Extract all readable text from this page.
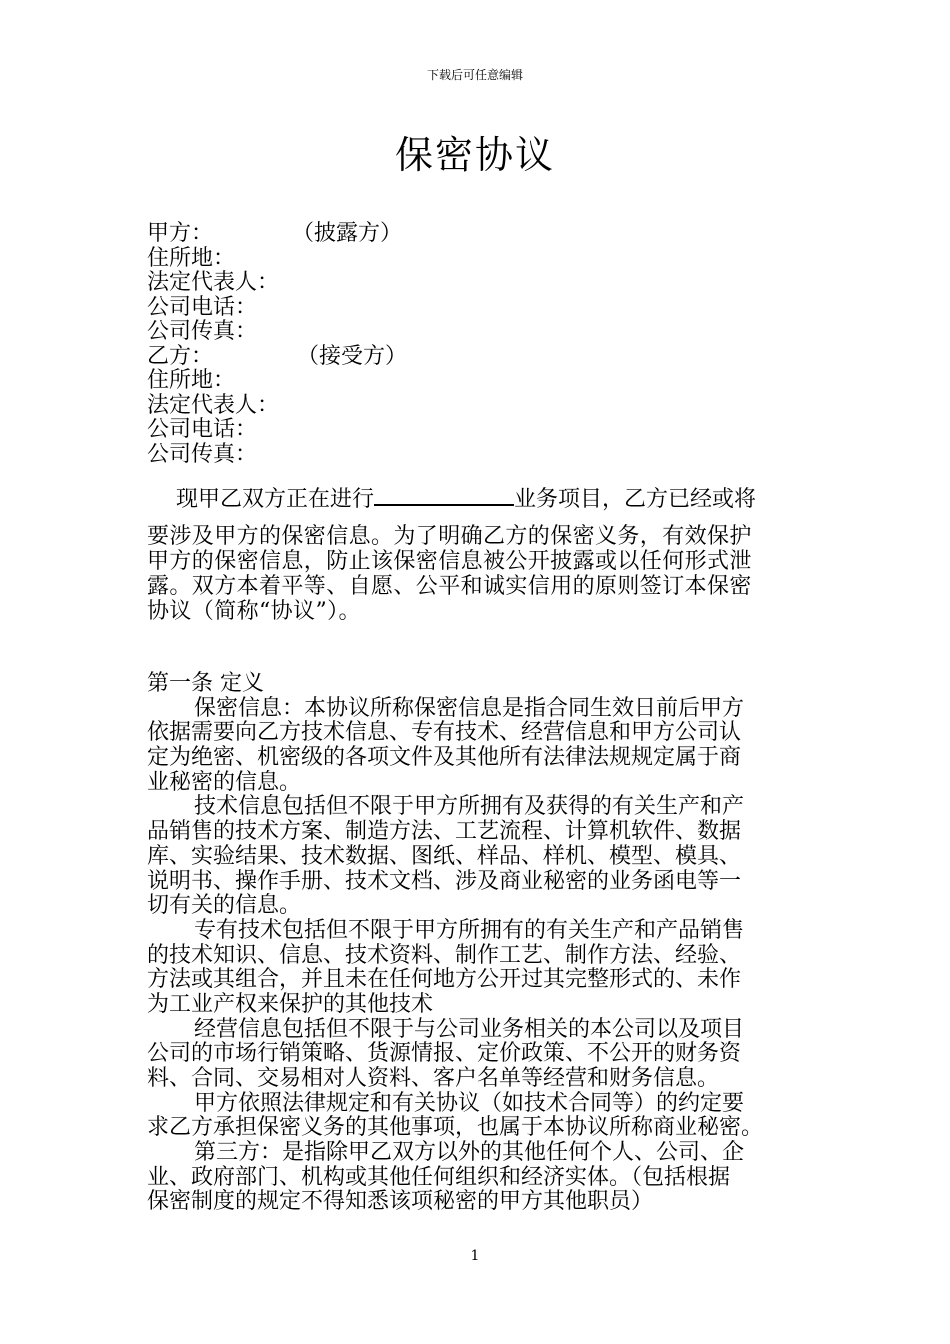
下载后可任意编辑
保密协议
甲方：	（披露方）
住所地：
法定代表人：
公司电话：
公司传真：
乙方：	（接受方）
住所地：
法定代表人：
公司电话：
公司传真：
现甲乙双方正在进行	业务项目，乙方已经或将
要涉及甲方的保密信息。为了明确乙方的保密义务，有效保护
甲方的保密信息，防止该保密信息被公开披露或以任何形式泄
露。双方本着平等、自愿、公平和诚实信用的原则签订本保密
协议（简称“协议”）。
第一条 定义
保密信息：本协议所称保密信息是指合同生效日前后甲方
依据需要向乙方技术信息、专有技术、经营信息和甲方公司认
定为绝密、机密级的各项文件及其他所有法律法规规定属于商
业秘密的信息。
技术信息包括但不限于甲方所拥有及获得的有关生产和产
品销售的技术方案、制造方法、工艺流程、计算机软件、数据
库、实验结果、技术数据、图纸、样品、样机、模型、模具、
说明书、操作手册、技术文档、涉及商业秘密的业务函电等一
切有关的信息。
专有技术包括但不限于甲方所拥有的有关生产和产品销售
的技术知识、信息、技术资料、制作工艺、制作方法、经验、
方法或其组合，并且未在任何地方公开过其完整形式的、未作
为工业产权来保护的其他技术
经营信息包括但不限于与公司业务相关的本公司以及项目
公司的市场行销策略、货源情报、定价政策、不公开的财务资
料、合同、交易相对人资料、客户名单等经营和财务信息。
甲方依照法律规定和有关协议（如技术合同等）的约定要
求乙方承担保密义务的其他事项，也属于本协议所称商业秘密。
第三方：是指除甲乙双方以外的其他任何个人、公司、企
业、政府部门、机构或其他任何组织和经济实体。（包括根据
保密制度的规定不得知悉该项秘密的甲方其他职员）
1
